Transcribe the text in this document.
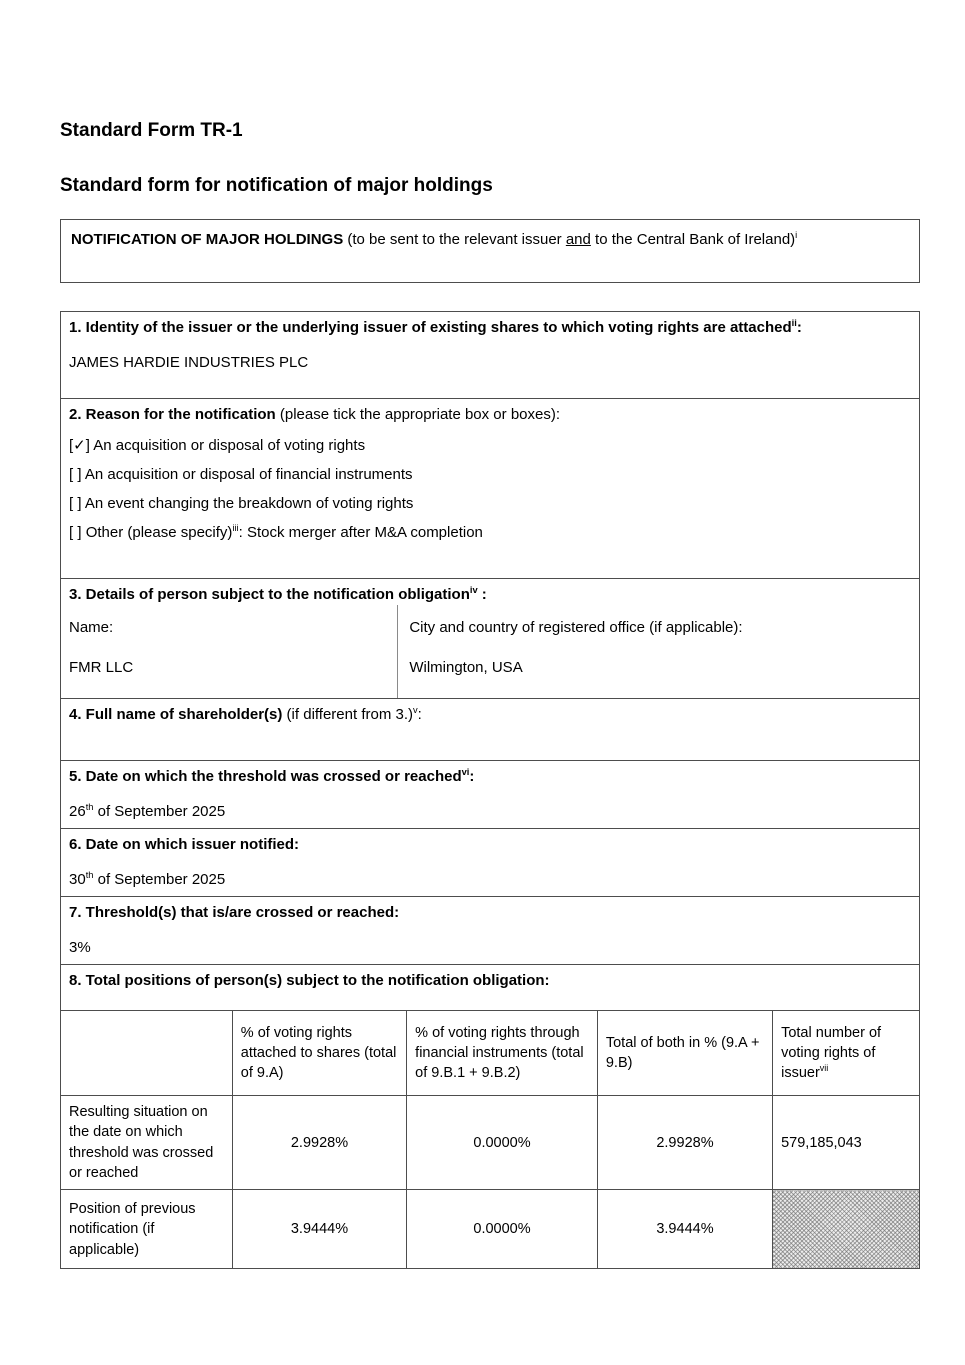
Standard Form TR-1
Standard form for notification of major holdings

NOTIFICATION OF MAJOR HOLDINGS (to be sent to the relevant issuer and to the Central Bank of Ireland)$^i$

1. Identity of the issuer or the underlying issuer of existing shares to which voting rights are attached$^{ii}$:

JAMES HARDIE INDUSTRIES PLC

2. Reason for the notification (please tick the appropriate box or boxes):

[✓] An acquisition or disposal of voting rights
[ ] An acquisition or disposal of financial instruments
[ ] An event changing the breakdown of voting rights
[ ] Other (please specify)$^{iii}$: Stock merger after M&A completion

3. Details of person subject to the notification obligation$^{iv}$ :

Name:

FMR LLC

City and country of registered office (if applicable):

Wilmington, USA

4. Full name of shareholder(s) (if different from 3.)$^v$:

5. Date on which the threshold was crossed or reached$^{vi}$:

26th of September 2025

6. Date on which issuer notified:

30th of September 2025

7. Threshold(s) that is/are crossed or reached:

3%

8. Total positions of person(s) subject to the notification obligation:

	% of voting rights attached to shares (total of 9.A)	% of voting rights through financial instruments (total of 9.B.1 + 9.B.2)	Total of both in % (9.A + 9.B)	Total number of voting rights of issuer$^{vii}$
Resulting situation on the date on which threshold was crossed or reached	2.9928%	0.0000%	2.9928%	579,185,043
Position of previous notification (if applicable)	3.9444%	0.0000%	3.9444%	
